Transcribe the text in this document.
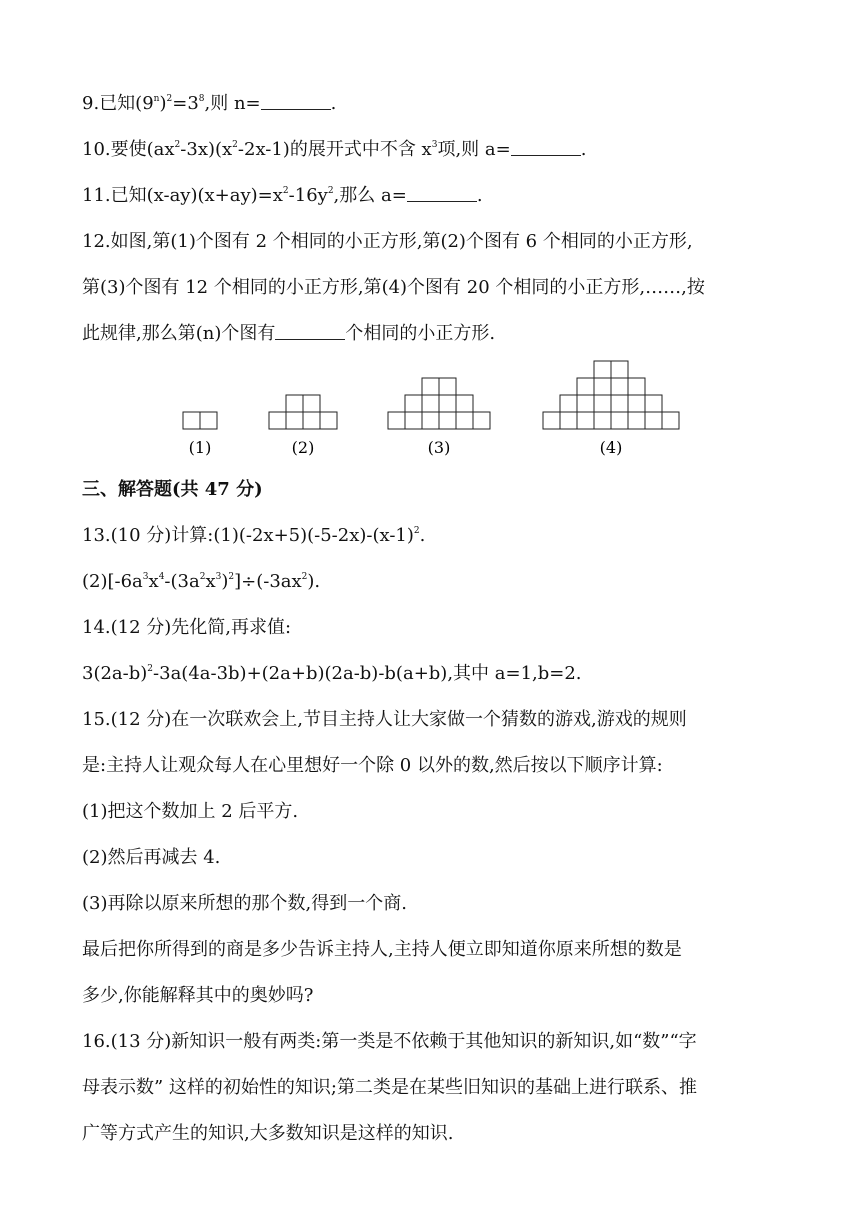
9.已知$(9^n)^2=3^8$,则 n=	.
10.要使$(ax^2-3x)(x^2-2x-1)$的展开式中不含 $x^3$项,则 a=	.
11.已知$(x-ay)(x+ay)=x^2-16y^2$,那么 a=	.
12.如图,第(1)个图有 2 个相同的小正方形,第(2)个图有 6 个相同的小正方形,
第(3)个图有 12 个相同的小正方形,第(4)个图有 20 个相同的小正方形,……,按
此规律,那么第(n)个图有	个相同的小正方形.
(1)	(2)	(3)	(4)
三、解答题(共 47 分)
13.(10 分)计算$:(1)(-2x+5)(-5-2x)-(x-1)^2$.
$(2)[-6a^3x^4-(3a^2x^3)^2]\div(-3ax^2)$.
14.(12 分)先化简,再求值:
$3(2a-b)^2-3a(4a-3b)+(2a+b)(2a-b)-b(a+b)$,其中 a=1,b=2.
15.(12 分)在一次联欢会上,节目主持人让大家做一个猜数的游戏,游戏的规则
是:主持人让观众每人在心里想好一个除 0 以外的数,然后按以下顺序计算:
(1)把这个数加上 2 后平方.
(2)然后再减去 4.
(3)再除以原来所想的那个数,得到一个商.
最后把你所得到的商是多少告诉主持人,主持人便立即知道你原来所想的数是
多少,你能解释其中的奥妙吗?
16.(13 分)新知识一般有两类:第一类是不依赖于其他知识的新知识,如“数”“字
母表示数” 这样的初始性的知识;第二类是在某些旧知识的基础上进行联系、推
广等方式产生的知识,大多数知识是这样的知识.
